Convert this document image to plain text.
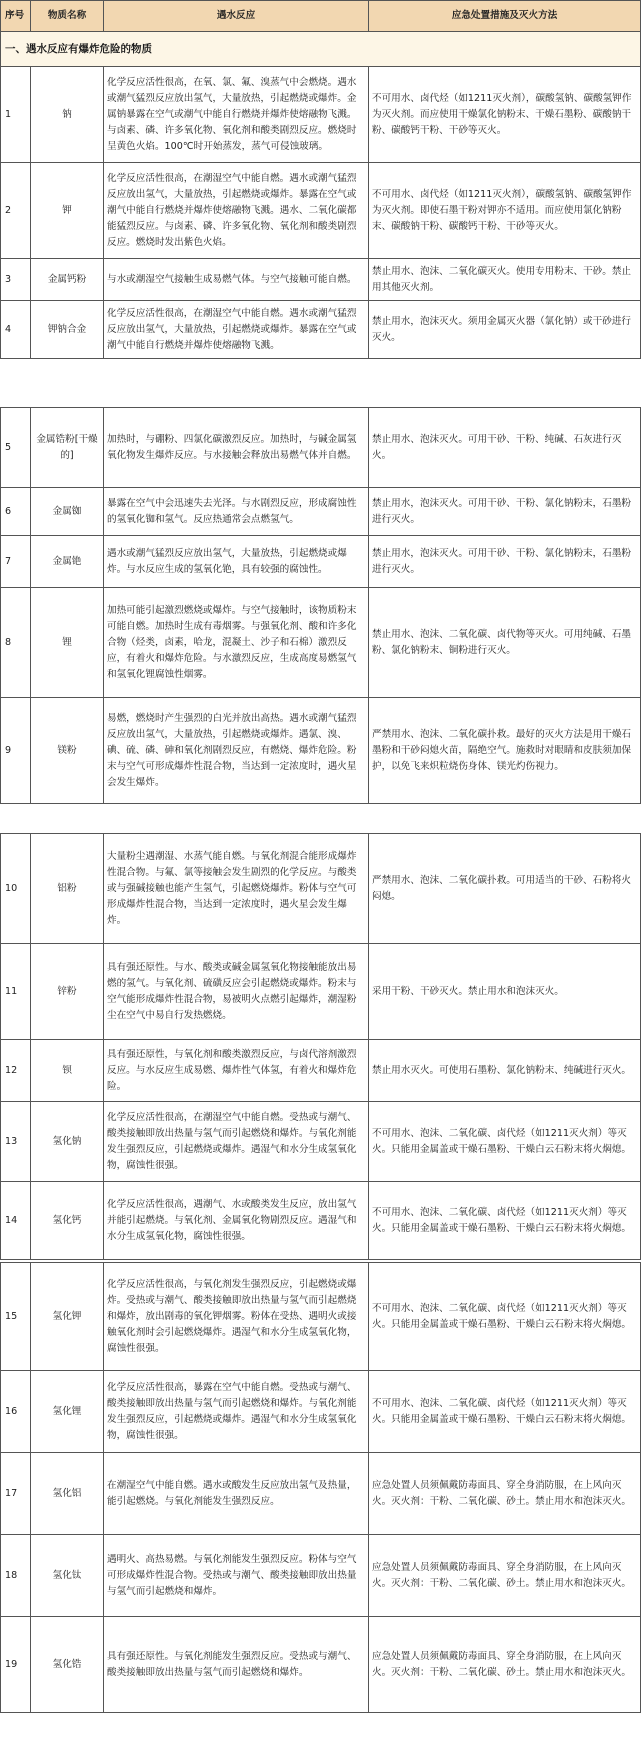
序号	物质名称	遇水反应	应急处置措施及灭火方法
一、遇水反应有爆炸危险的物质			
1	钠	化学反应活性很高，在氧、氯、氟、溴蒸气中会燃烧。遇水或潮气猛烈反应放出氢气，大量放热，引起燃烧或爆炸。金属钠暴露在空气或潮气中能自行燃烧并爆炸使熔融物飞溅。与卤素、磷、许多氧化物、氧化剂和酸类剧烈反应。燃烧时呈黄色火焰。100℃时开始蒸发，蒸气可侵蚀玻璃。	不可用水、卤代烃（如1211灭火剂），碳酸氢钠、碳酸氢钾作为灭火剂。而应使用干燥氯化钠粉末、干燥石墨粉、碳酸钠干粉、碳酸钙干粉、干砂等灭火。
2	钾	化学反应活性很高，在潮湿空气中能自燃。遇水或潮气猛烈反应放出氢气，大量放热，引起燃烧或爆炸。暴露在空气或潮气中能自行燃烧并爆炸使熔融物飞溅。遇水、二氧化碳都能猛烈反应。与卤素、磷、许多氧化物、氧化剂和酸类剧烈反应。燃烧时发出紫色火焰。	不可用水、卤代烃（如1211灭火剂），碳酸氢钠、碳酸氢钾作为灭火剂。即使石墨干粉对钾亦不适用。而应使用氯化钠粉末、碳酸钠干粉、碳酸钙干粉、干砂等灭火。
3	金属钙粉	与水或潮湿空气接触生成易燃气体。与空气接触可能自燃。	禁止用水、泡沫、二氧化碳灭火。使用专用粉末、干砂。禁止用其他灭火剂。
4	钾钠合金	化学反应活性很高，在潮湿空气中能自燃。遇水或潮气猛烈反应放出氢气，大量放热，引起燃烧或爆炸。暴露在空气或潮气中能自行燃烧并爆炸使熔融物飞溅。	禁止用水，泡沫灭火。须用金属灭火器（氯化钠）或干砂进行灭火。
5	金属锆粉[干燥的]	加热时，与硼粉、四氯化碳激烈反应。加热时，与碱金属氢氧化物发生爆炸反应。与水接触会释放出易燃气体并自燃。	禁止用水、泡沫灭火。可用干砂、干粉、纯碱、石灰进行灭火。
6	金属铷	暴露在空气中会迅速失去光泽。与水剧烈反应，形成腐蚀性的氢氧化铷和氢气。反应热通常会点燃氢气。	禁止用水，泡沫灭火。可用干砂、干粉、氯化钠粉末，石墨粉进行灭火。
7	金属铯	遇水或潮气猛烈反应放出氢气，大量放热，引起燃烧或爆炸。与水反应生成的氢氧化铯，具有较强的腐蚀性。	禁止用水，泡沫灭火。可用干砂、干粉、氯化钠粉末，石墨粉进行灭火。
8	锂	加热可能引起激烈燃烧或爆炸。与空气接触时，该物质粉末可能自燃。加热时生成有毒烟雾。与强氧化剂、酸和许多化合物（烃类，卤素，哈龙，混凝土、沙子和石棉）激烈反应，有着火和爆炸危险。与水激烈反应，生成高度易燃氢气和氢氧化锂腐蚀性烟雾。	禁止用水、泡沫、二氧化碳、卤代物等灭火。可用纯碱、石墨粉、氯化钠粉末、铜粉进行灭火。
9	镁粉	易燃，燃烧时产生强烈的白光并放出高热。遇水或潮气猛烈反应放出氢气，大量放热，引起燃烧或爆炸。遇氯、溴、碘、硫、磷、砷和氧化剂剧烈反应，有燃烧、爆炸危险。粉末与空气可形成爆炸性混合物，当达到一定浓度时，遇火星会发生爆炸。	严禁用水、泡沫、二氧化碳扑救。最好的灭火方法是用干燥石墨粉和干砂闷熄火苗，隔绝空气。施救时对眼睛和皮肤须加保护，以免飞来炽粒烧伤身体、镁光灼伤视力。
10	铝粉	大量粉尘遇潮湿、水蒸气能自燃。与氧化剂混合能形成爆炸性混合物。与氟、氯等接触会发生剧烈的化学反应。与酸类或与强碱接触也能产生氢气，引起燃烧爆炸。粉体与空气可形成爆炸性混合物，当达到一定浓度时，遇火星会发生爆炸。	严禁用水、泡沫、二氧化碳扑救。可用适当的干砂、石粉将火闷熄。
11	锌粉	具有强还原性。与水、酸类或碱金属氢氧化物接触能放出易燃的氢气。与氧化剂、硫磺反应会引起燃烧或爆炸。粉末与空气能形成爆炸性混合物，易被明火点燃引起爆炸，潮湿粉尘在空气中易自行发热燃烧。	采用干粉、干砂灭火。禁止用水和泡沫灭火。
12	钡	具有强还原性，与氧化剂和酸类激烈反应，与卤代溶剂激烈反应。与水反应生成易燃、爆炸性气体氢，有着火和爆炸危险。	禁止用水灭火。可使用石墨粉、氯化钠粉末、纯碱进行灭火。
13	氢化钠	化学反应活性很高，在潮湿空气中能自燃。受热或与潮气、酸类接触即放出热量与氢气而引起燃烧和爆炸。与氧化剂能发生强烈反应，引起燃烧或爆炸。遇湿气和水分生成氢氧化物，腐蚀性很强。	不可用水、泡沫、二氧化碳、卤代烃（如1211灭火剂）等灭火。只能用金属盖或干燥石墨粉、干燥白云石粉末将火焖熄。
14	氢化钙	化学反应活性很高，遇潮气、水或酸类发生反应，放出氢气并能引起燃烧。与氧化剂、金属氧化物剧烈反应。遇湿气和水分生成氢氧化物，腐蚀性很强。	不可用水、泡沫、二氧化碳、卤代烃（如1211灭火剂）等灭火。只能用金属盖或干燥石墨粉、干燥白云石粉末将火焖熄。
15	氢化钾	化学反应活性很高，与氧化剂发生强烈反应，引起燃烧或爆炸。受热或与潮气、酸类接触即放出热量与氢气而引起燃烧和爆炸，放出剧毒的氧化钾烟雾。粉体在受热、遇明火或接触氧化剂时会引起燃烧爆炸。遇湿气和水分生成氢氧化物，腐蚀性很强。	不可用水、泡沫、二氧化碳、卤代烃（如1211灭火剂）等灭火。只能用金属盖或干燥石墨粉、干燥白云石粉末将火焖熄。
16	氢化锂	化学反应活性很高，暴露在空气中能自燃。受热或与潮气、酸类接触即放出热量与氢气而引起燃烧和爆炸。与氧化剂能发生强烈反应，引起燃烧或爆炸。遇湿气和水分生成氢氧化物，腐蚀性很强。	不可用水、泡沫、二氧化碳、卤代烃（如1211灭火剂）等灭火。只能用金属盖或干燥石墨粉、干燥白云石粉末将火焖熄。
17	氢化铝	在潮湿空气中能自燃。遇水或酸发生反应放出氢气及热量，能引起燃烧。与氧化剂能发生强烈反应。	应急处置人员须佩戴防毒面具、穿全身消防服，在上风向灭火。灭火剂：干粉、二氧化碳、砂土。禁止用水和泡沫灭火。
18	氢化钛	遇明火、高热易燃。与氧化剂能发生强烈反应。粉体与空气可形成爆炸性混合物。受热或与潮气、酸类接触即放出热量与氢气而引起燃烧和爆炸。	应急处置人员须佩戴防毒面具、穿全身消防服，在上风向灭火。灭火剂：干粉、二氧化碳、砂土。禁止用水和泡沫灭火。
19	氢化锆	具有强还原性。与氧化剂能发生强烈反应。受热或与潮气、酸类接触即放出热量与氢气而引起燃烧和爆炸。	应急处置人员须佩戴防毒面具、穿全身消防服，在上风向灭火。灭火剂：干粉、二氧化碳、砂土。禁止用水和泡沫灭火。
